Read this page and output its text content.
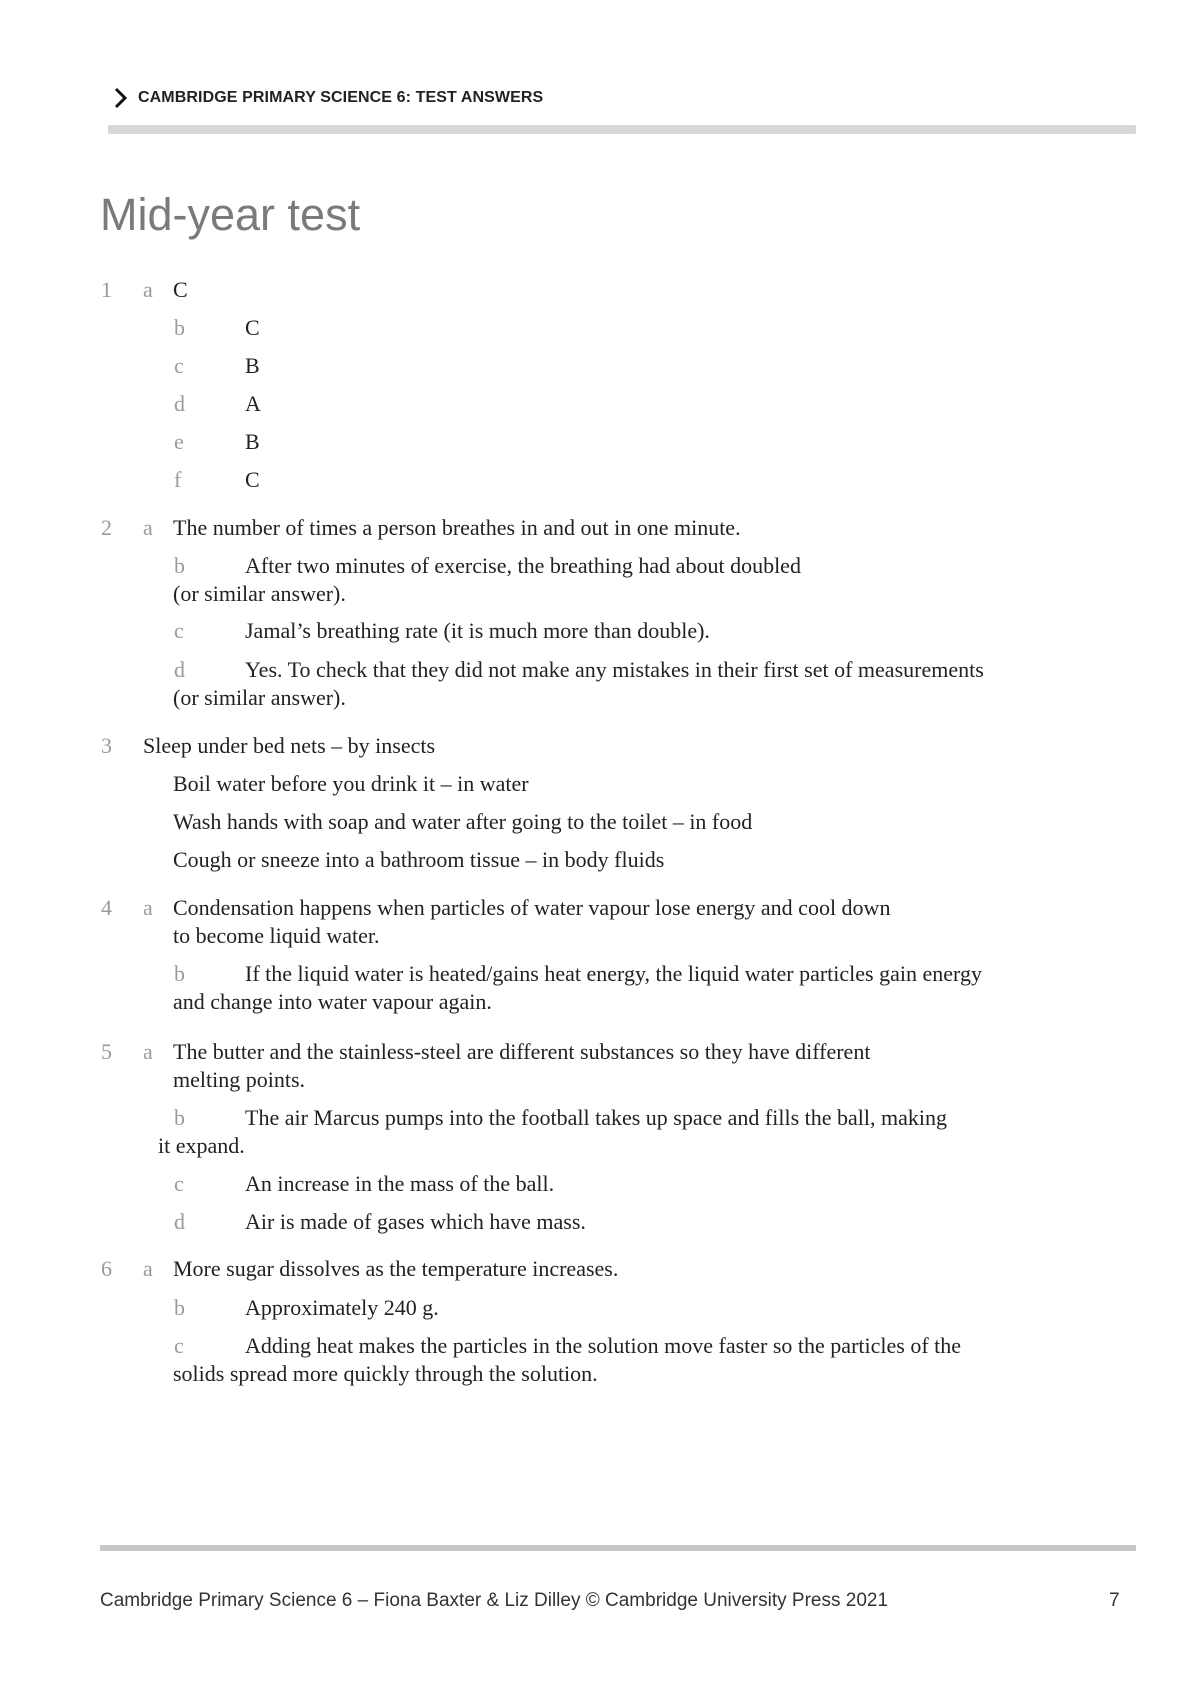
CAMBRIDGE PRIMARY SCIENCE 6: TEST ANSWERS
Mid-year test
1 a C
b	C
c	B
d	A
e	B
f	C
2 a The number of times a person breathes in and out in one minute.
b	After two minutes of exercise, the breathing had about doubled
(or similar answer).
c	Jamal’s breathing rate (it is much more than double).
d	Yes. To check that they did not make any mistakes in their first set of measurements
(or similar answer).
3 Sleep under bed nets – by insects
Boil water before you drink it – in water
Wash hands with soap and water after going to the toilet – in food
Cough or sneeze into a bathroom tissue – in body fluids
4 a Condensation happens when particles of water vapour lose energy and cool down
to become liquid water.
b	If the liquid water is heated/gains heat energy, the liquid water particles gain energy
and change into water vapour again.
5 a The butter and the stainless-steel are different substances so they have different
melting points.
b	The air Marcus pumps into the football takes up space and fills the ball, making
it expand.
c	An increase in the mass of the ball.
d	Air is made of gases which have mass.
6 a More sugar dissolves as the temperature increases.
b	Approximately 240 g.
c	Adding heat makes the particles in the solution move faster so the particles of the
solids spread more quickly through the solution.
Cambridge Primary Science 6 – Fiona Baxter & Liz Dilley © Cambridge University Press 2021	7
